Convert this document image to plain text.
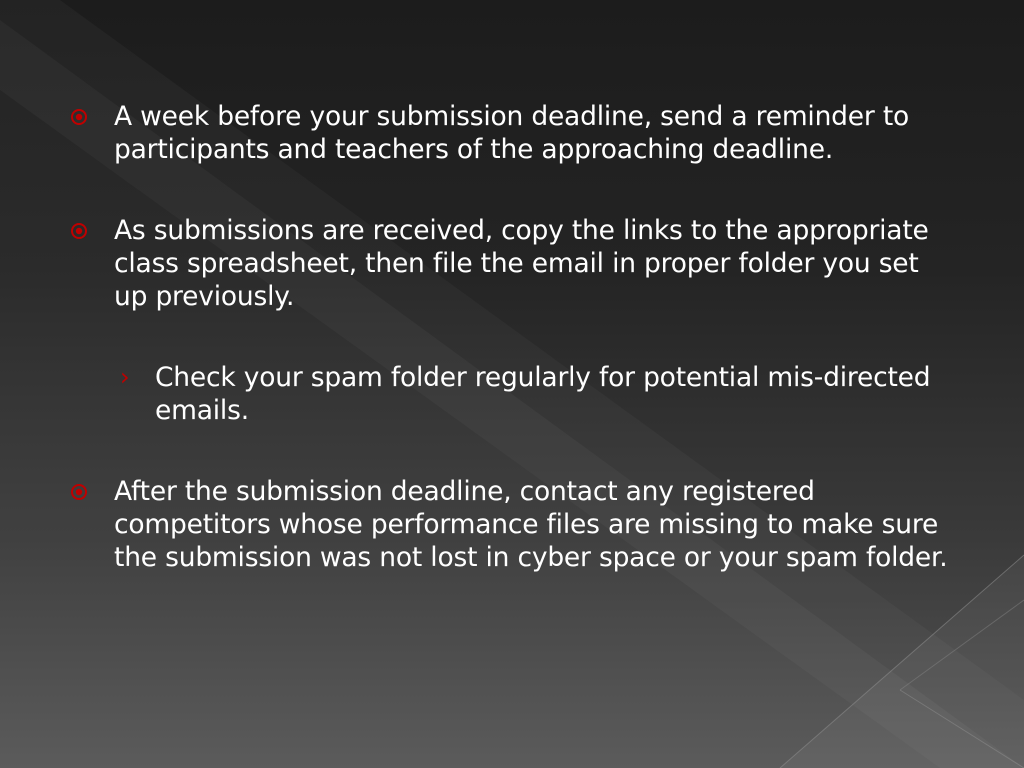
A week before your submission deadline, send a reminder to participants and teachers of the approaching deadline.
As submissions are received, copy the links to the appropriate class spreadsheet, then file the email in proper folder you set up previously.
› Check your spam folder regularly for potential mis-directed emails.
After the submission deadline, contact any registered competitors whose performance files are missing to make sure the submission was not lost in cyber space or your spam folder.
